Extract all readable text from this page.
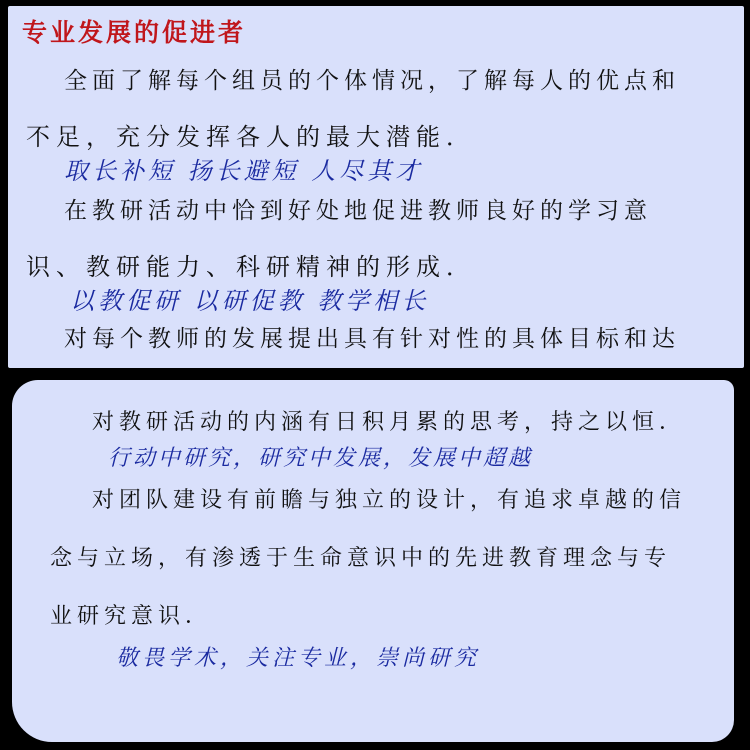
专业发展的促进者
全面了解每个组员的个体情况，了解每人的优点和
不足，充分发挥各人的最大潜能．
取长补短 扬长避短 人尽其才
在教研活动中恰到好处地促进教师良好的学习意
识、教研能力、科研精神的形成．
以教促研 以研促教 教学相长
对每个教师的发展提出具有针对性的具体目标和达
对教研活动的内涵有日积月累的思考，持之以恒．
行动中研究，研究中发展，发展中超越
对团队建设有前瞻与独立的设计，有追求卓越的信
念与立场，有渗透于生命意识中的先进教育理念与专
业研究意识．
敬畏学术，关注专业，崇尚研究
